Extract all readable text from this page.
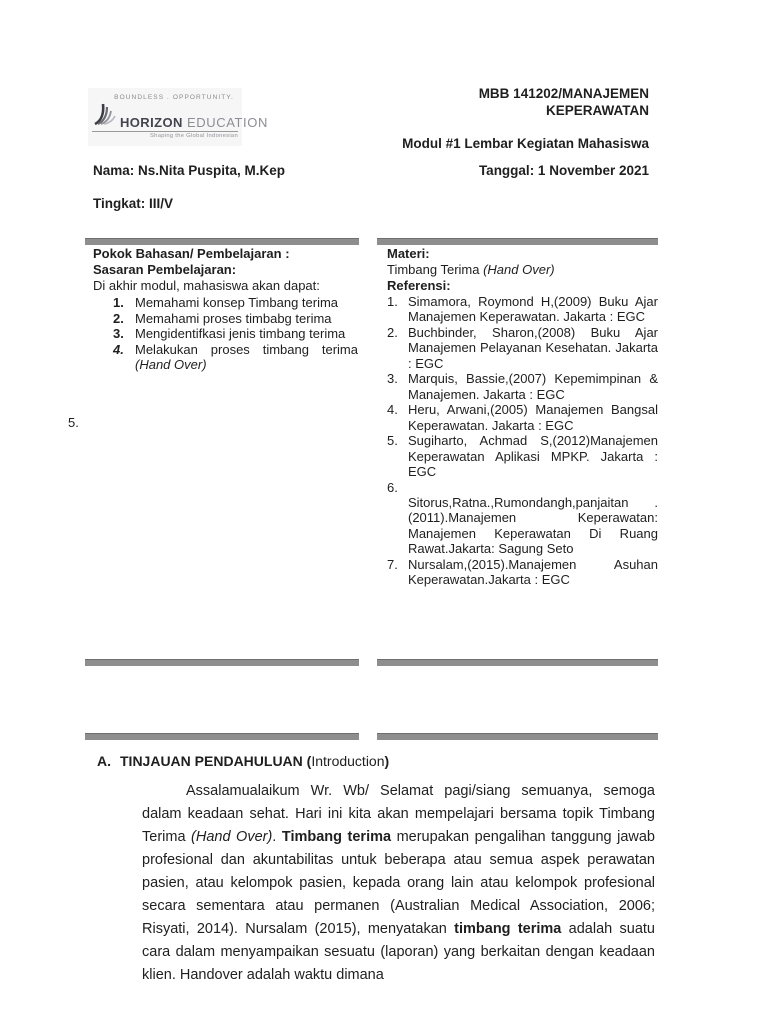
BOUNDLESS . OPPORTUNITY.
HORIZON EDUCATION
Shaping the Global Indonesian
MBB 141202/MANAJEMEN
KEPERAWATAN
Modul #1 Lembar Kegiatan Mahasiswa
Nama: Ns.Nita Puspita, M.Kep	Tanggal: 1 November 2021
Tingkat: III/V
Pokok Bahasan/ Pembelajaran :
Sasaran Pembelajaran:
Di akhir modul, mahasiswa akan dapat:
1. Memahami konsep Timbang terima
2. Memahami proses timbabg terima
3. Mengidentifkasi jenis timbang terima
4. Melakukan proses timbang terima (Hand Over)
5.
Materi:
Timbang Terima (Hand Over)
Referensi:
1. Simamora, Roymond H,(2009) Buku Ajar Manajemen Keperawatan. Jakarta : EGC
2. Buchbinder, Sharon,(2008) Buku Ajar Manajemen Pelayanan Kesehatan. Jakarta : EGC
3. Marquis, Bassie,(2007) Kepemimpinan & Manajemen. Jakarta : EGC
4. Heru, Arwani,(2005) Manajemen Bangsal Keperawatan. Jakarta : EGC
5. Sugiharto, Achmad S,(2012)Manajemen Keperawatan Aplikasi MPKP. Jakarta : EGC
6.
Sitorus,Ratna.,Rumondangh,panjaitan .(2011).Manajemen Keperawatan: Manajemen Keperawatan Di Ruang Rawat.Jakarta: Sagung Seto
7. Nursalam,(2015).Manajemen Asuhan Keperawatan.Jakarta : EGC
A. TINJAUAN PENDAHULUAN (Introduction)
Assalamualaikum Wr. Wb/ Selamat pagi/siang semuanya, semoga dalam keadaan sehat. Hari ini kita akan mempelajari bersama topik Timbang Terima (Hand Over). Timbang terima merupakan pengalihan tanggung jawab profesional dan akuntabilitas untuk beberapa atau semua aspek perawatan pasien, atau kelompok pasien, kepada orang lain atau kelompok profesional secara sementara atau permanen (Australian Medical Association, 2006; Risyati, 2014). Nursalam (2015), menyatakan timbang terima adalah suatu cara dalam menyampaikan sesuatu (laporan) yang berkaitan dengan keadaan klien. Handover adalah waktu dimana
